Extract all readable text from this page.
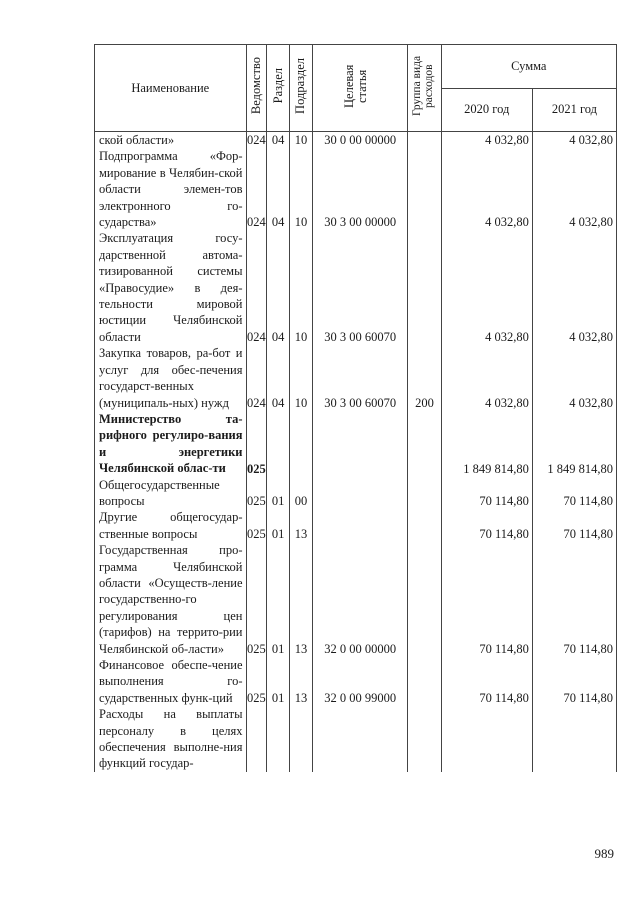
Наименование	Ведомство	Раздел	Подраздел	Целевая статья	Группа вида расходов	Сумма	
						2020 год	2021 год
ской области»	024	04	10	30 0 00 00000		4 032,80	4 032,80
Подпрограмма «Фор-мирование в Челябин-ской области элемен-тов электронного го-сударства»	024	04	10	30 3 00 00000		4 032,80	4 032,80
Эксплуатация госу-дарственной автома-тизированной системы «Правосудие» в дея-тельности мировой юстиции Челябинской области	024	04	10	30 3 00 60070		4 032,80	4 032,80
Закупка товаров, ра-бот и услуг для обес-печения государст-венных (муниципаль-ных) нужд	024	04	10	30 3 00 60070	200	4 032,80	4 032,80
Министерство та-рифного регулиро-вания и энергетики Челябинской облас-ти	025					1 849 814,80	1 849 814,80
Общегосударственные вопросы	025	01	00			70 114,80	70 114,80
Другие общегосудар-ственные вопросы	025	01	13			70 114,80	70 114,80
Государственная про-грамма Челябинской области «Осуществ-ление государственно-го регулирования цен (тарифов) на террито-рии Челябинской об-ласти»	025	01	13	32 0 00 00000		70 114,80	70 114,80
Финансовое обеспе-чение выполнения го-сударственных функ-ций	025	01	13	32 0 00 99000		70 114,80	70 114,80
Расходы на выплаты персоналу в целях обеспечения выполне-ния функций государ-							
989
